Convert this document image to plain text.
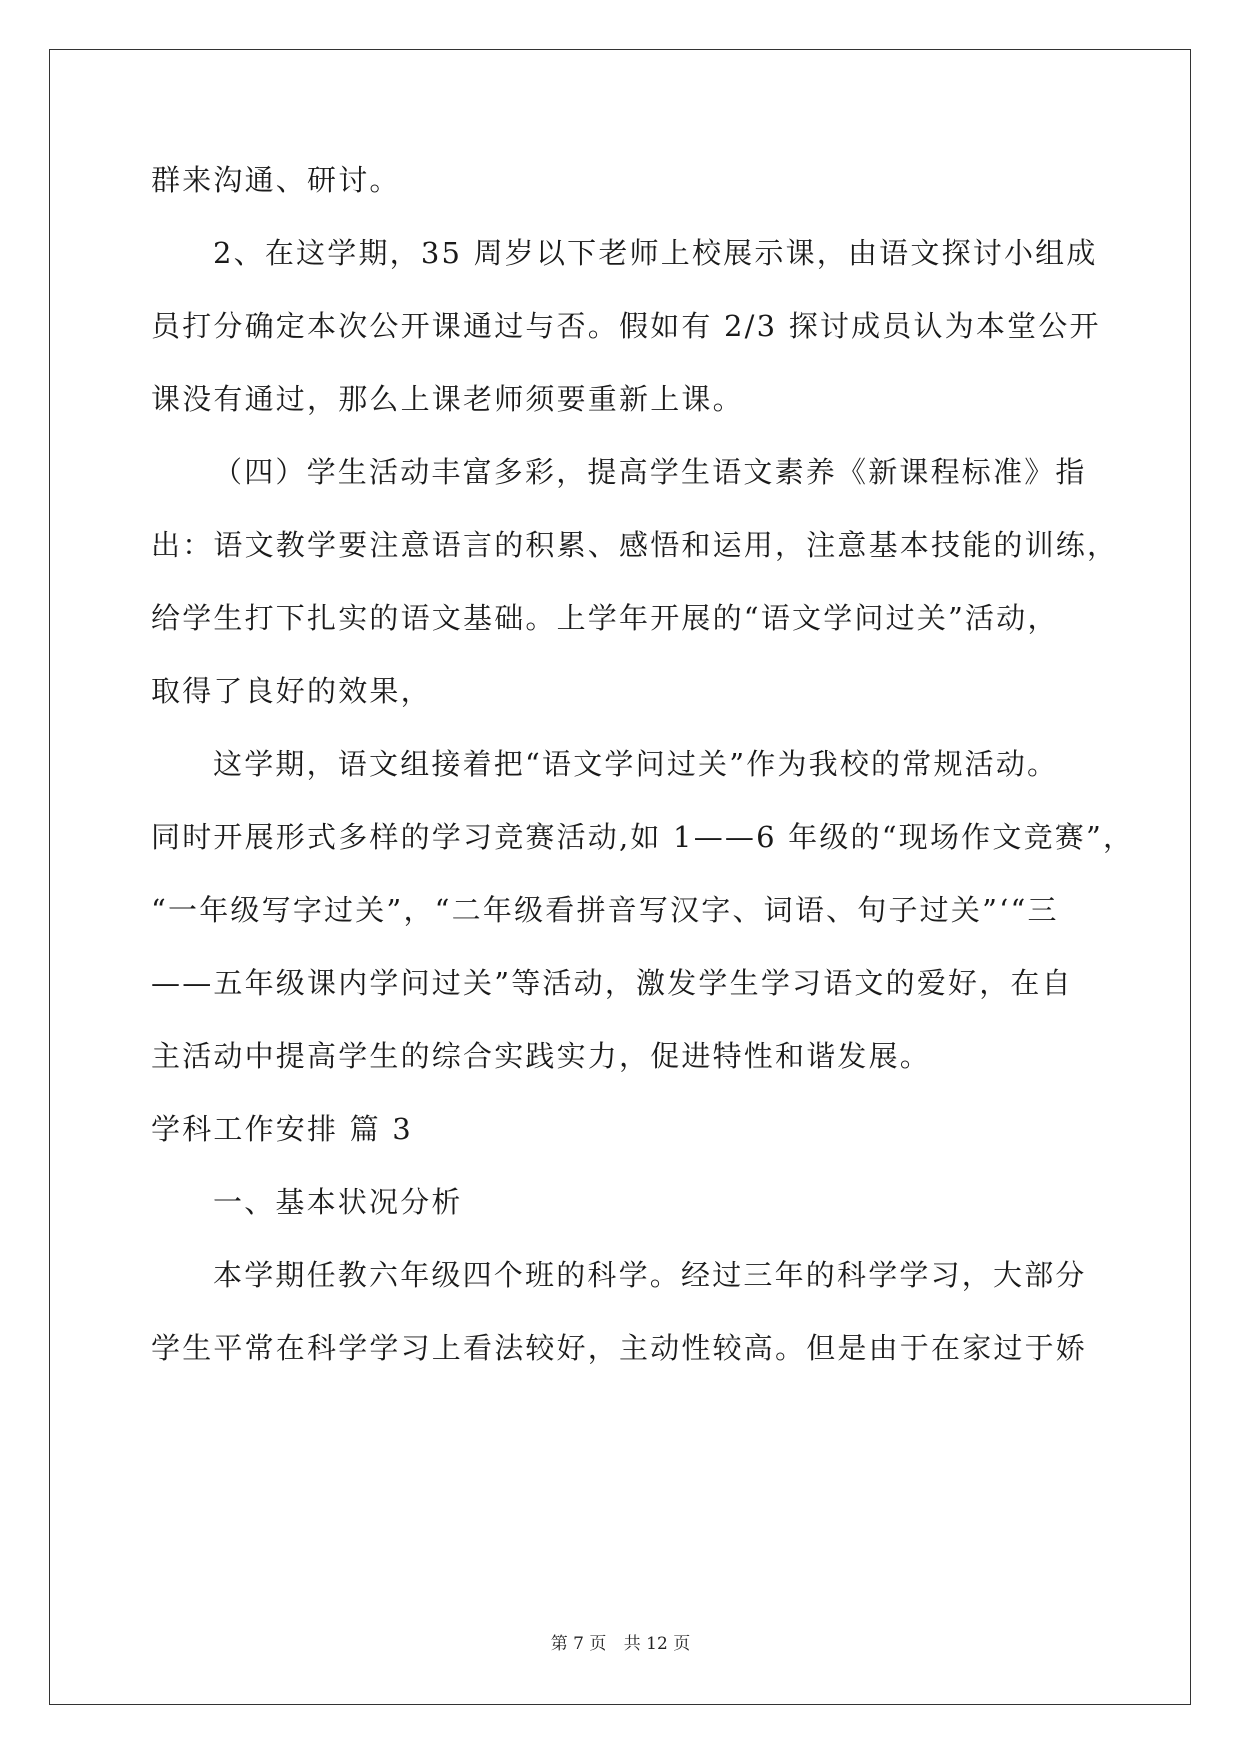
群来沟通、研讨。
2、在这学期，35 周岁以下老师上校展示课，由语文探讨小组成
员打分确定本次公开课通过与否。假如有 2/3 探讨成员认为本堂公开
课没有通过，那么上课老师须要重新上课。
（四）学生活动丰富多彩，提高学生语文素养《新课程标准》指
出：语文教学要注意语言的积累、感悟和运用，注意基本技能的训练，
给学生打下扎实的语文基础。上学年开展的“语文学问过关”活动，
取得了良好的效果，
这学期，语文组接着把“语文学问过关”作为我校的常规活动。
同时开展形式多样的学习竞赛活动,如 1——6 年级的“现场作文竞赛”，
“一年级写字过关”，“二年级看拼音写汉字、词语、句子过关”‘“三
——五年级课内学问过关”等活动，激发学生学习语文的爱好，在自
主活动中提高学生的综合实践实力，促进特性和谐发展。
学科工作安排 篇 3
一、基本状况分析
本学期任教六年级四个班的科学。经过三年的科学学习，大部分
学生平常在科学学习上看法较好，主动性较高。但是由于在家过于娇
第 7 页 共 12 页
